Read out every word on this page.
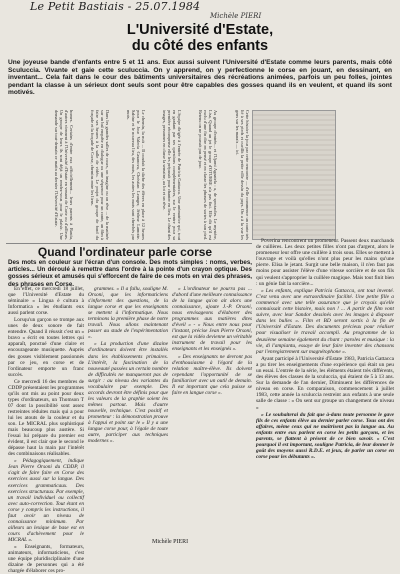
Le Petit Bastiais - 25.07.1984
Michèle PIERI
L'Université d'Estate,
du côté des enfants
Une joyeuse bande d'enfants entre 5 et 11 ans. Eux aussi suivent l'Université d'Estate comme leurs parents, mais côté Sculuccia. Vivante et gaie cette sculuccia. On y apprend, on y perfectionne le corse en jouant, en dessinant, en inventant... Cela fait dans le cour des bâtiments universitaires des récréations animées, parfois un peu folles, jointes pendant la classe à un sérieux dont seuls sont pour être capables des gosses quand ils en veulent, et quand ils sont motivés.
homes. Certains d'entre eux officiellement... leurs parents à Bastia, d'autres viennent à l'Université d'Estate en venant de Corte ou d'ailleurs. Un groupe de leurs ils sont déjà un rendez-vous pour le plaisir. Une demande sur tout-demain ce matin au dernier l'Université d'Estate.	Dans les grandes salles de cours, on imagine ou on rêve ... de la matinée sur un bal enquête en dialogue ou une séquence pour un conte, un film à faire ses heures à la salle de vidéo. Le projet du groupe de fond du forçade et la forçade de Corse, chemins entre les liens.	Le chemin, la nuit ... Il conduit la tâche des élèves en place à 12 heures pour le Jour Valeria Casanova, Christian Leanger, Jérôme Lamotte. Sabine et le nouveau lieu, des mots, les autres les mots sont cherchés par mots.	L'équipe dirigée à l'entrée de Patricia Gattacca. Une animatrice qui, tout en gardant par ses questions complémentaires, sur le ventre pour sa première récompense elle les préparait pour chanter en lieu. Le chant des images, personnes en classe la semaine, au lot et un rêve.	Au groupe d'entrée... et l'Ujami Agnatela : u, de spectacles. Le mystère, Lisa, Quand un jet le groupe d'OTURRE n'a pas fini. Elle dit qu'il est exclu d'une fin dire en pensé et en classe les phrases de sortes à son pied. Retenu on ne pouvait pas de jour.	Cette histoire la jour par cette rencontre — d'elle commence un conte très lié à ses pieds et cueillit la petite ville dessin du pays. On a à la vue les gens sur les marais — ici.

Poverina rencontrent un promeneur. Passent deux marchands de cuillères. Les deux petites filles n'ont pas d'argent, alors le promeneur leur offre une cuillère à trois sous. Elles se mettent à l'ouvrage et voilà qu'elles n'ont plus peur les mains qu'une pierre. Elisa le jetant. Surgit une belle maison, il n'en faut pas moins pour assister l'élève d'une vitesse sorcière et de son fils qui veulent s'approprier la cuillère magique. Mais tout finit bien : un génie fait la sorcière...

« Les enfants, explique Patricia Gattacca, ont tout inventé. C'est venu avec une extraordinaire facilité. Une petite fille a commencé avec une telle assurance que je croyais qu'elle connaissait cette histoire, mais non ! ... A partir de film vont suivre, avec leur Sandor dessinés avec les images à disposer dans les bulles ». Film et BD seront sortis à la fin de l'Université d'Estate. Des documents précieux pour réaliser pour visualiser le travail accompli. Au programme de la deuxième semaine également du chant : paroles et musique : la vie, di l'ampiantu, essaye de leur faire inventer des chansons par l'enregistrement sur magnétophone ».

Ayant participé à l'Université d'Estate 1983, Patricia Gattacca a pu tirer les enseignements d'une expérience qui était un peu un essai. L'entrée de la série, les éléments étaient très différents, des élèves des classes de la sculuccia, qui étaient de 5 à 13 ans. Sur la demande de l'an dernier, Diminuent les différences de niveau en corse. En comparaison, commencement à juillet 1983, cette année la sculuccia restreint aux enfants à une seule salle de classe : « On sent sur groupe un changement de niveau »

« Le souhaiterai du fait que à-dans toute personne le gave fils de ces enfants élève au dernier parler corse. Tous ont des affaires, même ceux qui ne maîtrisent pas la langue au. Au enfants entre eux parlent en corse les petits garçons, et les parents, se flattent à présent de ce bien savoir. » C'est pourquoi il est important, souligne Patricia, de leur donner le goût des moyens aussi R.D.E. et jeux, de parler un corse en corse pour les débutants ».

Quand l'ordinateur parle corse
Des mots en couleur sur l'écran d'un console. Des mots simples : noms, verbes, articles... Un déroulé à remettre dans l'ordre à la pointe d'un crayon optique. Des gosses sérieux et amusés qui s'efforcent de faire de ces mots en vrai des phrases, des phrases en Corse.

En effet, ce mercredi 18 juillet, que l'Université d'Estate du séminaire « Lingua è cultura à Informatica » les étudiants eux aussi parlent corse.

Lorsqu'un garçon se trompe aux unes de deux sonore de fait entendre. Quand il réussit c'est un « bravo » écrit en toutes lettres qui apparaît, ponctué d'une claire et encourageante musiquette. Auprès des gosses visiblement passionnés par ce jeu, en corse et de l'ordinateur emporte un franc succès.

Ce mercredi 16 des membres de CDDP présentaient les programmes qu'ils ont mis au point pour deux types d'ordinateurs, un Thomson T 07 dont la possibilité sont assez restreintes réduites mais qui a pour lui les atouts de la couleur et du son. Le MICRAL plus sophistiqué mais beaucoup plus austère. Si l'essai lui prépare du premier est évident, il est clair que le second le dépasse haut la main par l'intérêt des combinaisons réalisables.

« Pédagogiquement, indique Jean Pierre Orsoni du CDDP, il s'agit de faire faire en Corse des exercices aussi sur la langue. Des exercices grammaticaux. Des exercices structuraux. Par exemple, un travail individuel ou collectif avec auto-correction. Tout étant en corse y compris les instructions, il faut avoir un niveau de connaissance minimum. Par ailleurs un lexique de base est en cours d'achèvement pour le MICRAL ».

« Enseignants, formateurs, animateurs, informaticiens, c'est une équipe pluridisciplinaire d'une dizaine de personnes qui a été chargée d'élaborer ces pro-

grammes. « Il a fallu, souligne M. Orsoni, que les informaticiens s'informent des questions, de la langue corse et que les enseignants se mettent à l'informatique. Nous terminons la première phase de notre travail. Nous allons maintenant passer au stade de l'expérimentation ».

« La production d'une dizaine d'ordinateurs doivent être installés dans les établissements primaires. L'intérêt, la fascination de la nouveauté passées un certain nombre de difficultés ne manqueront pas de surgir : au niveau des variantes du vocabulaire par exemple. Des accords devront être définis pour que les valeurs de la graphie soient les mêmes partout. Mais d'autre nouvelle, technique. C'est positif et prometteur : la démonstration prouve à l'appui et point sur le « Il y a une langue corse pour, à l'égale de toute autre, participer aux techniques modernes ».

« L'ordinateur ne pourra pas ... d'abord d'une meilleure connaissance de la langue qu'on ait alors une connaissance, ajoute J.-P. Orsoni, nous envisageons d'élaborer des programmes aux matières dites d'éveil » - « Nous entre nous pour l'instant, précise Jean Pierre Orsoni, est que la vidéo devienne un véritable instrument de travail pour les enseignants et les enseignés ».

« Des enseignants ne devront pas d'enthousiasme à l'égard de la relation maître-élève. Ils doivent cependant l'opportunité de se familiariser avec un outil de demain. Il est important que cela puisse se faire en langue corse ».

Michèle PIERI
